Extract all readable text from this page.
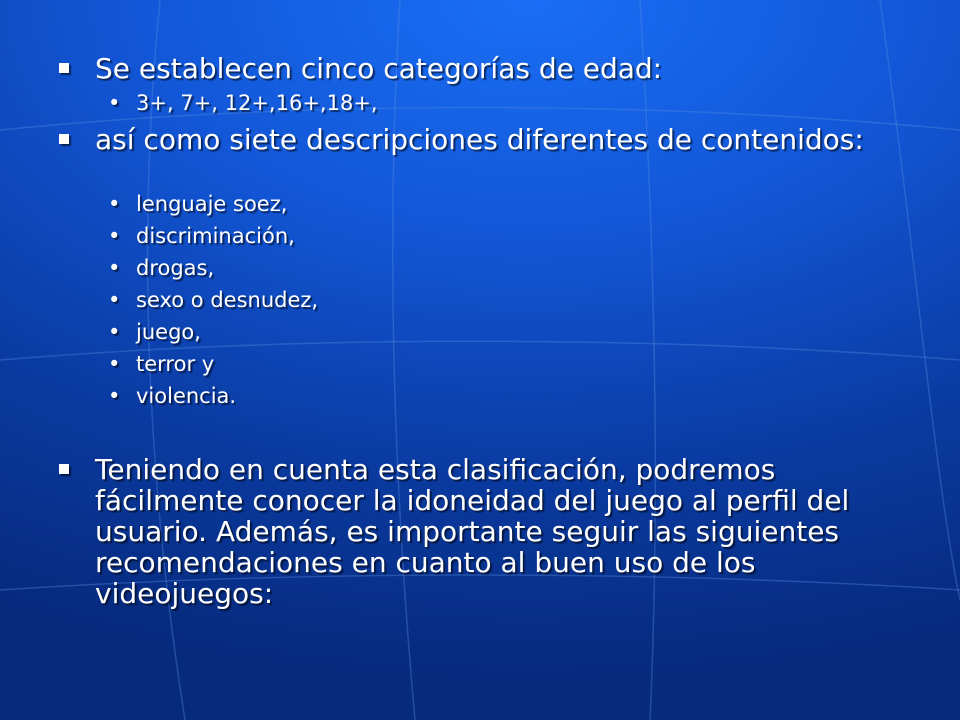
Se establecen cinco categorías de edad:
• 3+, 7+, 12+,16+,18+,
así como siete descripciones diferentes de contenidos:
• lenguaje soez,
• discriminación,
• drogas,
• sexo o desnudez,
• juego,
• terror y
• violencia.
Teniendo en cuenta esta clasificación, podremos fácilmente conocer la idoneidad del juego al perfil del usuario. Además, es importante seguir las siguientes recomendaciones en cuanto al buen uso de los videojuegos:
